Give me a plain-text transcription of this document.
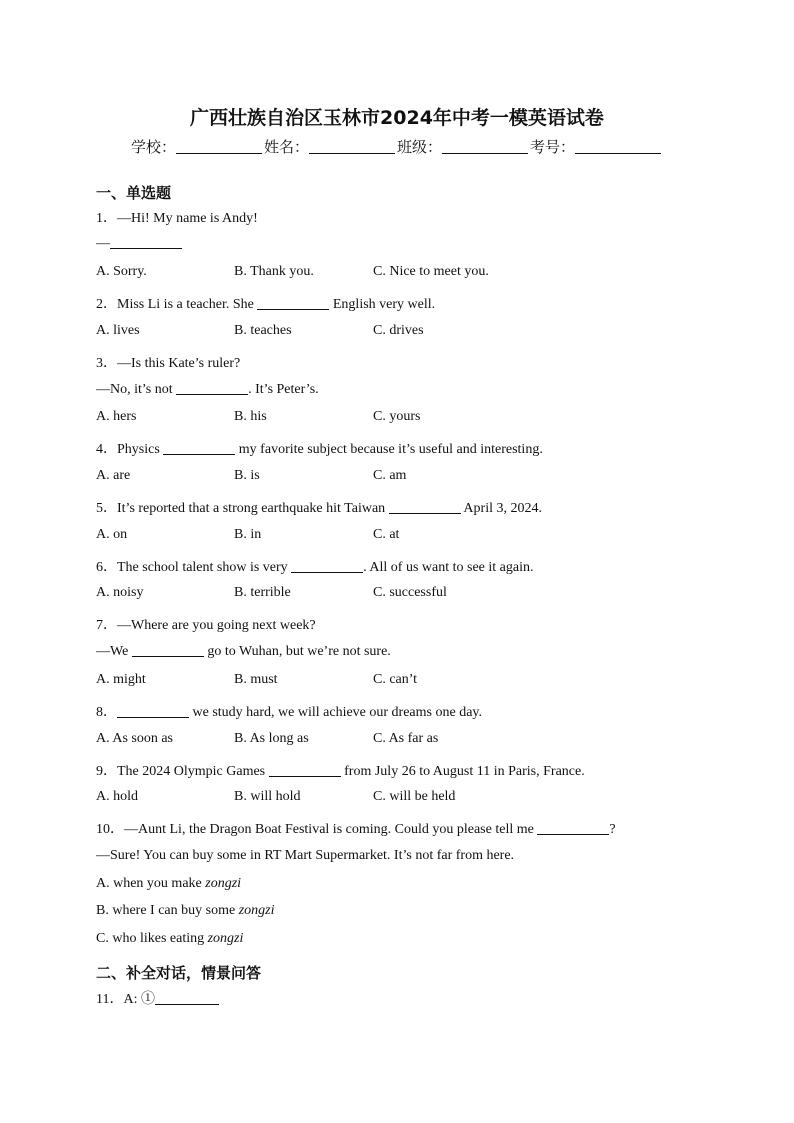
广西壮族自治区玉林市2024年中考一模英语试卷
学校：	姓名：	班级：	考号：
一、单选题
1．—Hi! My name is Andy!
—
A. Sorry.	B. Thank you.	C. Nice to meet you.
2．Miss Li is a teacher. She	English very well.
A. lives	B. teaches	C. drives
3．—Is this Kate’s ruler?
—No, it’s not	. It’s Peter’s.
A. hers	B. his	C. yours
4．Physics	my favorite subject because it’s useful and interesting.
A. are	B. is	C. am
5．It’s reported that a strong earthquake hit Taiwan	April 3, 2024.
A. on	B. in	C. at
6．The school talent show is very	. All of us want to see it again.
A. noisy	B. terrible	C. successful
7．—Where are you going next week?
—We	go to Wuhan, but we’re not sure.
A. might	B. must	C. can’t
8．	we study hard, we will achieve our dreams one day.
A. As soon as	B. As long as	C. As far as
9．The 2024 Olympic Games	from July 26 to August 11 in Paris, France.
A. hold	B. will hold	C. will be held
10．—Aunt Li, the Dragon Boat Festival is coming. Could you please tell me	?
—Sure! You can buy some in RT Mart Supermarket. It’s not far from here.
A. when you make zongzi
B. where I can buy some zongzi
C. who likes eating zongzi
二、补全对话，情景问答
11．A: ①
